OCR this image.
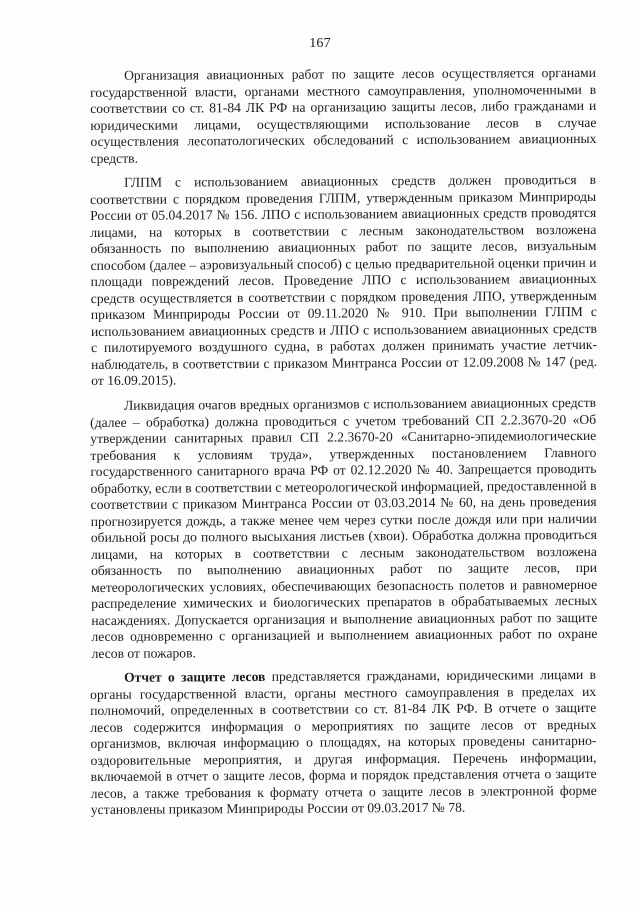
167

Организация авиационных работ по защите лесов осуществляется органами государственной власти, органами местного самоуправления, уполномоченными в соответствии со ст. 81-84 ЛК РФ на организацию защиты лесов, либо гражданами и юридическими лицами, осуществляющими использование лесов в случае осуществления лесопатологических обследований с использованием авиационных средств.

ГЛПМ с использованием авиационных средств должен проводиться в соответствии с порядком проведения ГЛПМ, утвержденным приказом Минприроды России от 05.04.2017 № 156. ЛПО с использованием авиационных средств проводятся лицами, на которых в соответствии с лесным законодательством возложена обязанность по выполнению авиационных работ по защите лесов, визуальным способом (далее – аэровизуальный способ) с целью предварительной оценки причин и площади повреждений лесов. Проведение ЛПО с использованием авиационных средств осуществляется в соответствии с порядком проведения ЛПО, утвержденным приказом Минприроды России от 09.11.2020 № 910. При выполнении ГЛПМ с использованием авиационных средств и ЛПО с использованием авиационных средств с пилотируемого воздушного судна, в работах должен принимать участие летчик-наблюдатель, в соответствии с приказом Минтранса России от 12.09.2008 № 147 (ред. от 16.09.2015).

Ликвидация очагов вредных организмов с использованием авиационных средств (далее – обработка) должна проводиться с учетом требований СП 2.2.3670-20 «Об утверждении санитарных правил СП 2.2.3670-20 «Санитарно-эпидемиологические требования к условиям труда», утвержденных постановлением Главного государственного санитарного врача РФ от 02.12.2020 № 40. Запрещается проводить обработку, если в соответствии с метеорологической информацией, предоставленной в соответствии с приказом Минтранса России от 03.03.2014 № 60, на день проведения прогнозируется дождь, а также менее чем через сутки после дождя или при наличии обильной росы до полного высыхания листьев (хвои). Обработка должна проводиться лицами, на которых в соответствии с лесным законодательством возложена обязанность по выполнению авиационных работ по защите лесов, при метеорологических условиях, обеспечивающих безопасность полетов и равномерное распределение химических и биологических препаратов в обрабатываемых лесных насаждениях. Допускается организация и выполнение авиационных работ по защите лесов одновременно с организацией и выполнением авиационных работ по охране лесов от пожаров.

Отчет о защите лесов представляется гражданами, юридическими лицами в органы государственной власти, органы местного самоуправления в пределах их полномочий, определенных в соответствии со ст. 81-84 ЛК РФ. В отчете о защите лесов содержится информация о мероприятиях по защите лесов от вредных организмов, включая информацию о площадях, на которых проведены санитарно-оздоровительные мероприятия, и другая информация. Перечень информации, включаемой в отчет о защите лесов, форма и порядок представления отчета о защите лесов, а также требования к формату отчета о защите лесов в электронной форме установлены приказом Минприроды России от 09.03.2017 № 78.
